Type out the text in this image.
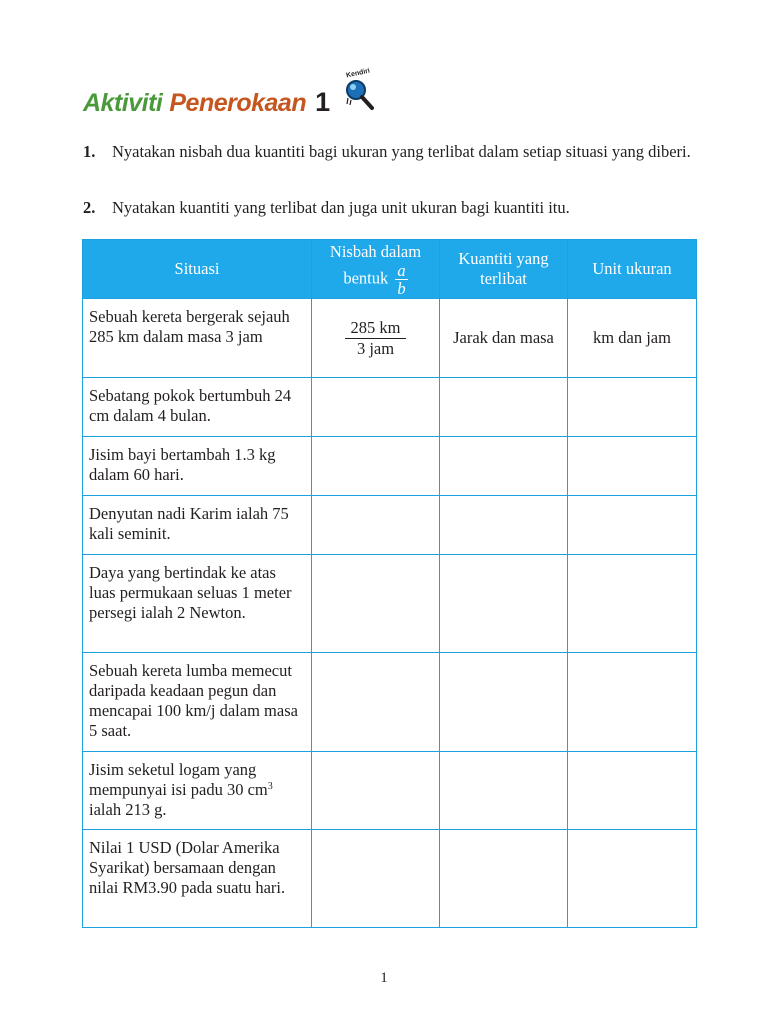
Aktiviti Penerokaan 1
Kendiri
1.	Nyatakan nisbah dua kuantiti bagi ukuran yang terlibat dalam setiap situasi yang diberi.
2.	Nyatakan kuantiti yang terlibat dan juga unit ukuran bagi kuantiti itu.
Situasi	Nisbah dalam bentuk $\frac{a}{b}$	Kuantiti yang terlibat	Unit ukuran
Sebuah kereta bergerak sejauh 285 km dalam masa 3 jam	$\frac{285 km}{\text{3 jam}}$	Jarak dan masa	km dan jam
Sebatang pokok bertumbuh 24 cm dalam 4 bulan.			
Jisim bayi bertambah 1.3 kg dalam 60 hari.			
Denyutan nadi Karim ialah 75 kali seminit.			
Daya yang bertindak ke atas luas permukaan seluas 1 meter persegi ialah 2 Newton.			
Sebuah kereta lumba memecut daripada keadaan pegun dan mencapai 100 km/j dalam masa 5 saat.			
Jisim seketul logam yang mempunyai isi padu 30 $cm^3$ ialah 213 g.			
Nilai 1 USD (Dolar Amerika Syarikat) bersamaan dengan nilai RM3.90 pada suatu hari.			
1
